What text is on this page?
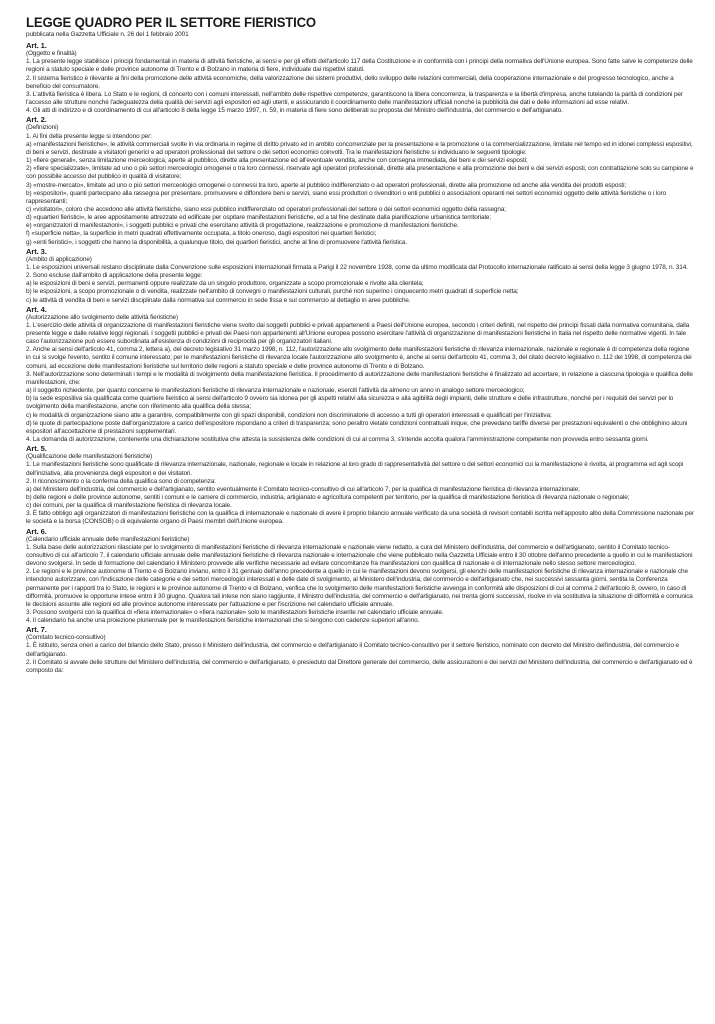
LEGGE QUADRO PER IL SETTORE FIERISTICO
pubblicata nella Gazzetta Ufficiale n. 26 del 1 febbraio 2001
Art. 1.
(Oggetto e finalità)

1. La presente legge stabilisce i principi fondamentali in materia di attività fieristiche, ai sensi e per gli effetti dell'articolo 117 della Costituzione e in conformità con i principi della normativa dell'Unione europea. Sono fatte salve le competenze delle regioni a statuto speciale e delle province autonome di Trento e di Bolzano in materia di fiere, individuate dai rispettivi statuti.

2. Il sistema fieristico è rilevante ai fini della promozione delle attività economiche, della valorizzazione dei sistemi produttivi, dello sviluppo delle relazioni commerciali, della cooperazione internazionale e del progresso tecnologico, anche a beneficio del consumatore.

3. L'attività fieristica è libera. Lo Stato e le regioni, di concerto con i comuni interessati, nell'ambito delle rispettive competenze, garantiscono la libera concorrenza, la trasparenza e la libertà d'impresa, anche tutelando la parità di condizioni per l'accesso alle strutture nonché l'adeguatezza della qualità dei servizi agli espositori ed agli utenti, e assicurando il coordinamento delle manifestazioni ufficiali nonché la pubblicità dei dati e delle informazioni ad esse relativi.

4. Gli atti di indirizzo e di coordinamento di cui all'articolo 8 della legge 15 marzo 1997, n. 59, in materia di fiere sono deliberati su proposta del Ministro dell'industria, del commercio e dell'artigianato.

Art. 2.
(Definizioni)

1. Ai fini della presente legge si intendono per:

a) «manifestazioni fieristiche», le attività commerciali svolte in via ordinaria in regime di diritto privato ed in ambito concorrenziale per la presentazione e la promozione o la commercializzazione, limitate nel tempo ed in idonei complessi espositivi, di beni e servizi, destinate a visitatori generici e ad operatori professionali del settore o dei settori economici coinvolti. Tra le manifestazioni fieristiche si individuano le seguenti tipologie:

1) «fiere generali», senza limitazione merceologica, aperte al pubblico, dirette alla presentazione ed all'eventuale vendita, anche con consegna immediata, dei beni e dei servizi esposti;

2) «fiere specializzate», limitate ad uno o più settori merceologici omogenei o tra loro connessi, riservate agli operatori professionali, dirette alla presentazione e alla promozione dei beni e dei servizi esposti, con contrattazione solo su campione e con possibile accesso del pubblico in qualità di visitatore;

3) «mostre-mercato», limitate ad uno o più settori merceologici omogenei o connessi tra loro, aperte al pubblico indifferenziato o ad operatori professionali, dirette alla promozione od anche alla vendita dei prodotti esposti;

b) «espositori», quanti partecipano alla rassegna per presentare, promuovere e diffondere beni e servizi, siano essi produttori o rivenditori o enti pubblici o associazioni operanti nei settori economici oggetto delle attività fieristiche o i loro rappresentanti;

c) «visitatori», coloro che accedono alle attività fieristiche, siano essi pubblico indifferenziato od operatori professionali del settore o dei settori economici oggetto della rassegna;

d) «quartieri fieristici», le aree appositamente attrezzate ed edificate per ospitare manifestazioni fieristiche, ed a tal fine destinate dalla pianificazione urbanistica territoriale;

e) «organizzatori di manifestazioni», i soggetti pubblici e privati che esercitano attività di progettazione, realizzazione e promozione di manifestazioni fieristiche.

f) «superficie netta», la superficie in metri quadrati effettivamente occupata, a titolo oneroso, dagli espositori nei quartieri fieristici;

g) «enti fieristici», i soggetti che hanno la disponibilità, a qualunque titolo, dei quartieri fieristici, anche al fine di promuovere l'attività fieristica.

Art. 3.
(Ambito di applicazione)

1. Le esposizioni universali restano disciplinate dalla Convenzione sulle esposizioni internazionali firmata a Parigi il 22 novembre 1928, come da ultimo modificata dal Protocollo internazionale ratificato ai sensi della legge 3 giugno 1978, n. 314.

2. Sono escluse dall'ambito di applicazione della presente legge:

a) le esposizioni di beni e servizi, permanenti oppure realizzate da un singolo produttore, organizzate a scopo promozionale e rivolte alla clientela;

b) le esposizioni, a scopo promozionale o di vendita, realizzate nell'ambito di convegni o manifestazioni culturali, purché non superino i cinquecento metri quadrati di superficie netta;

c) le attività di vendita di beni e servizi disciplinate dalla normativa sul commercio in sede fissa e sul commercio al dettaglio in aree pubbliche.

Art. 4.
(Autorizzazione allo svolgimento delle attività fieristiche)

1. L'esercizio delle attività di organizzazione di manifestazioni fieristiche viene svolto dai soggetti pubblici e privati appartenenti a Paesi dell'Unione europea, secondo i criteri definiti, nel rispetto dei principi fissati dalla normativa comunitaria, dalla presente legge e dalle relative leggi regionali. I soggetti pubblici e privati dei Paesi non appartenenti all'Unione europea possono esercitare l'attività di organizzazione di manifestazioni fieristiche in Italia nel rispetto delle normative vigenti. In tale caso l'autorizzazione può essere subordinata all'esistenza di condizioni di reciprocità per gli organizzatori italiani.

2. Anche ai sensi dell'articolo 41, comma 2, lettera a), del decreto legislativo 31 marzo 1998, n. 112, l'autorizzazione allo svolgimento delle manifestazioni fieristiche di rilevanza internazionale, nazionale e regionale è di competenza della regione in cui si svolge l'evento, sentito il comune interessato; per le manifestazioni fieristiche di rilevanza locale l'autorizzazione allo svolgimento è, anche ai sensi dell'articolo 41, comma 3, del citato decreto legislativo n. 112 del 1998, di competenza dei comuni, ad eccezione delle manifestazioni fieristiche sul territorio delle regioni a statuto speciale e delle province autonome di Trento e di Bolzano.

3. Nell'autorizzazione sono determinati i tempi e le modalità di svolgimento della manifestazione fieristica. Il procedimento di autorizzazione delle manifestazioni fieristiche è finalizzato ad accertare, in relazione a ciascuna tipologia e qualifica delle manifestazioni, che:

a) il soggetto richiedente, per quanto concerne le manifestazioni fieristiche di rilevanza internazionale e nazionale, eserciti l'attività da almeno un anno in analogo settore merceologico;

b) la sede espositiva sia qualificata come quartiere fieristico ai sensi dell'articolo 9 ovvero sia idonea per gli aspetti relativi alla sicurezza e alla agibilità degli impianti, delle strutture e delle infrastrutture, nonché per i requisiti dei servizi per lo svolgimento della manifestazione, anche con riferimento alla qualifica della stessa;

c) le modalità di organizzazione siano atte a garantire, compatibilmente con gli spazi disponibili, condizioni non discriminatorie di accesso a tutti gli operatori interessati e qualificati per l'iniziativa;

d) le quote di partecipazione poste dall'organizzatore a carico dell'espositore rispondano a criteri di trasparenza; sono peraltro vietate condizioni contrattuali inique, che prevedano tariffe diverse per prestazioni equivalenti o che obblighino alcuni espositori all'accettazione di prestazioni supplementari.

4. La domanda di autorizzazione, contenente una dichiarazione sostitutiva che attesta la sussistenza delle condizioni di cui al comma 3, s'intende accolta qualora l'amministrazione competente non provveda entro sessanta giorni.

Art. 5.
(Qualificazione delle manifestazioni fieristiche)

1. Le manifestazioni fieristiche sono qualificate di rilevanza internazionale, nazionale, regionale e locale in relazione al loro grado di rappresentatività del settore o dei settori economici cui la manifestazione è rivolta, al programma ed agli scopi dell'iniziativa, alla provenienza degli espositori e dei visitatori.

2. Il riconoscimento o la conferma della qualifica sono di competenza:

a) del Ministero dell'industria, del commercio e dell'artigianato, sentito eventualmente il Comitato tecnico-consultivo di cui all'articolo 7, per la qualifica di manifestazione fieristica di rilevanza internazionale;

b) delle regioni e delle province autonome, sentiti i comuni e le camere di commercio, industria, artigianato e agricoltura competenti per territorio, per la qualifica di manifestazione fieristica di rilevanza nazionale o regionale;

c) dei comuni, per la qualifica di manifestazione fieristica di rilevanza locale.

3. È fatto obbligo agli organizzatori di manifestazioni fieristiche con la qualifica di internazionale e nazionale di avere il proprio bilancio annuale verificato da una società di revisori contabili iscritta nell'apposito albo della Commissione nazionale per le società e la borsa (CONSOB) o di equivalente organo di Paesi membri dell'Unione europea.

Art. 6.
(Calendario ufficiale annuale delle manifestazioni fieristiche)

1. Sulla base delle autorizzazioni rilasciate per lo svolgimento di manifestazioni fieristiche di rilevanza internazionale e nazionale viene redatto, a cura del Ministero dell'industria, del commercio e dell'artigianato, sentito il Comitato tecnico-consultivo di cui all'articolo 7, il calendario ufficiale annuale delle manifestazioni fieristiche di rilevanza nazionale e internazionale che viene pubblicato nella Gazzetta Ufficiale entro il 30 ottobre dell'anno precedente a quello in cui le manifestazioni devono svolgersi. In sede di formazione del calendario il Ministero provvede alle verifiche necessarie ad evitare concomitanze fra manifestazioni con qualifica di nazionale e di internazionale nello stesso settore merceologico.

2. Le regioni e le province autonome di Trento e di Bolzano inviano, entro il 31 gennaio dell'anno precedente a quello in cui le manifestazioni devono svolgersi, gli elenchi delle manifestazioni fieristiche di rilevanza internazionale e nazionale che intendono autorizzare, con l'indicazione delle categorie e dei settori merceologici interessati e delle date di svolgimento, al Ministero dell'industria, del commercio e dell'artigianato che, nei successivi sessanta giorni, sentita la Conferenza permanente per i rapporti tra lo Stato, le regioni e le province autonome di Trento e di Bolzano, verifica che lo svolgimento delle manifestazioni fieristiche avvenga in conformità alle disposizioni di cui al comma 2 dell'articolo 8, ovvero, in caso di difformità, promuove le opportune intese entro il 30 giugno. Qualora tali intese non siano raggiunte, il Ministro dell'industria, del commercio e dell'artigianato, nei trenta giorni successivi, risolve in via sostitutiva la situazione di difformità e comunica le decisioni assunte alle regioni ed alle province autonome interessate per l'attuazione e per l'iscrizione nel calendario ufficiale annuale.

3. Possono svolgersi con la qualifica di «fiera internazionale» o «fiera nazionale» solo le manifestazioni fieristiche inserite nel calendario ufficiale annuale.

4. Il calendario ha anche una proiezione pluriennale per le manifestazioni fieristiche internazionali che si tengono con cadenze superiori all'anno.

Art. 7.
(Comitato tecnico-consultivo)

1. È istituito, senza oneri a carico del bilancio dello Stato, presso il Ministero dell'industria, del commercio e dell'artigianato il Comitato tecnico-consultivo per il settore fieristico, nominato con decreto del Ministro dell'industria, del commercio e dell'artigianato.

2. Il Comitato si avvale delle strutture del Ministero dell'industria, del commercio e dell'artigianato, è presieduto dal Direttore generale del commercio, delle assicurazioni e dei servizi del Ministero dell'industria, del commercio e dell'artigianato ed è composto da:
